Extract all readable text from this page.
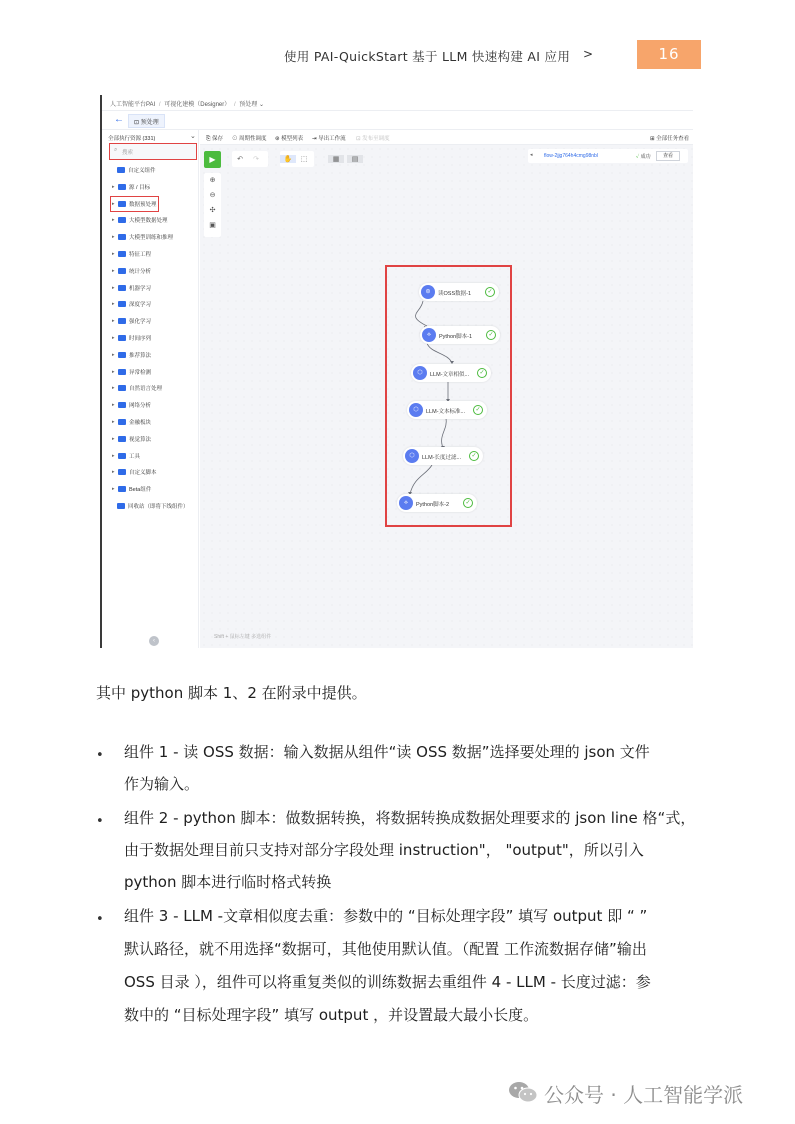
使用 PAI-QuickStart 基于 LLM 快速构建 AI 应用 >	16
人工智能平台PAI / 可视化建模（Designer） / 预处理 ⌄
←	⊡ 预处理
全部执行资源 (331)	⌄
⌕ 搜索
自定义组件
▸	源 / 目标
▸	数据预处理
▸	大模型数据处理
▸	大模型训练和推理
▸	特征工程
▸	统计分析
▸	机器学习
▸	深度学习
▸	强化学习
▸	时间序列
▸	推荐算法
▸	异常检测
▸	自然语言处理
▸	网络分析
▸	金融板块
▸	视觉算法
▸	工具
▸	自定义脚本
▸	Beta组件
回收站（即将下线组件）
‹
⎘ 保存 ⊙ 周期性调度 ⊛ 模型列表 ⇥ 导出工作流 ⊡ 发布至调度	⊞ 全部任务查看
▶
⊕
⊖
✣
▣
↶	↷	✋	⬚	▦	▤
◂ flow-2jjg764h4cmg98nbl	✓ 成功	查看
⊜	读OSS数据-1	✓
⟡	Python脚本-1	✓
⬡	LLM-文章相似...	✓
⬡	LLM-文本标准...	✓
⬡	LLM-长度过滤...	✓
⟡	Python脚本-2	✓
Shift + 鼠标左键 多选组件

其中 python 脚本 1、2 在附录中提供。

• 组件 1 - 读 OSS 数据：输入数据从组件“读 OSS 数据”选择要处理的 json 文件
作为输入。
• 组件 2 - python 脚本：做数据转换，将数据转换成数据处理要求的 json line 格“式，
由于数据处理目前只支持对部分字段处理 instruction"， "output"，所以引入
python 脚本进行临时格式转换
• 组件 3 - LLM -文章相似度去重：参数中的 “目标处理字段” 填写 output 即 “ ”
默认路径，就不用选择“数据可，其他使用默认值。（配置 工作流数据存储”输出
OSS 目录 ），组件可以将重复类似的训练数据去重组件 4 - LLM - 长度过滤：参
数中的 “目标处理字段” 填写 output ，并设置最大最小长度。
公众号 · 人工智能学派
